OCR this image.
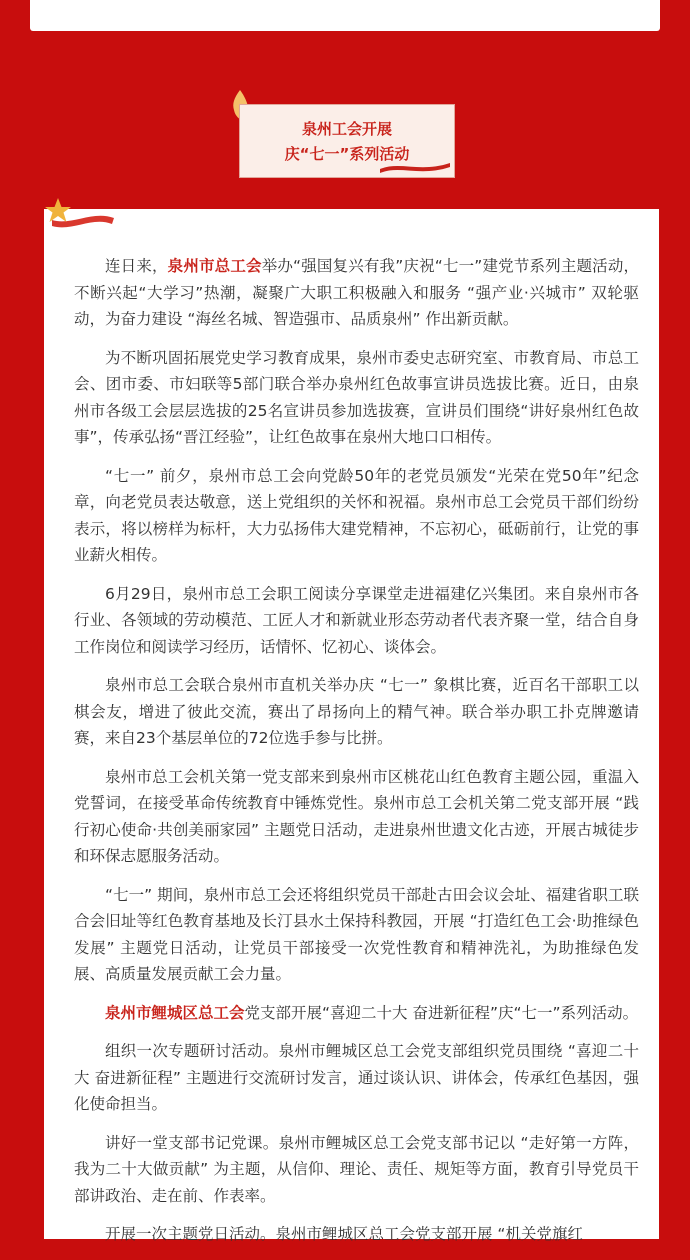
泉州工会开展
庆“七一”系列活动

连日来，泉州市总工会举办“强国复兴有我”庆祝“七一”建党节系列主题活动，不断兴起“大学习”热潮，凝聚广大职工积极融入和服务 “强产业·兴城市” 双轮驱动，为奋力建设 “海丝名城、智造强市、品质泉州” 作出新贡献。

为不断巩固拓展党史学习教育成果，泉州市委史志研究室、市教育局、市总工会、团市委、市妇联等5部门联合举办泉州红色故事宣讲员选拔比赛。近日，由泉州市各级工会层层选拔的25名宣讲员参加选拔赛，宣讲员们围绕“讲好泉州红色故事”，传承弘扬“晋江经验”，让红色故事在泉州大地口口相传。

“七一” 前夕，泉州市总工会向党龄50年的老党员颁发“光荣在党50年”纪念章，向老党员表达敬意，送上党组织的关怀和祝福。泉州市总工会党员干部们纷纷表示，将以榜样为标杆，大力弘扬伟大建党精神，不忘初心，砥砺前行，让党的事业薪火相传。

6月29日，泉州市总工会职工阅读分享课堂走进福建亿兴集团。来自泉州市各行业、各领域的劳动模范、工匠人才和新就业形态劳动者代表齐聚一堂，结合自身工作岗位和阅读学习经历，话情怀、忆初心、谈体会。

泉州市总工会联合泉州市直机关举办庆 “七一” 象棋比赛，近百名干部职工以棋会友，增进了彼此交流，赛出了昂扬向上的精气神。联合举办职工扑克牌邀请赛，来自23个基层单位的72位选手参与比拼。

泉州市总工会机关第一党支部来到泉州市区桃花山红色教育主题公园，重温入党誓词，在接受革命传统教育中锤炼党性。泉州市总工会机关第二党支部开展 “践行初心使命·共创美丽家园” 主题党日活动，走进泉州世遗文化古迹，开展古城徒步和环保志愿服务活动。

“七一” 期间，泉州市总工会还将组织党员干部赴古田会议会址、福建省职工联合会旧址等红色教育基地及长汀县水土保持科教园，开展 “打造红色工会·助推绿色发展” 主题党日活动，让党员干部接受一次党性教育和精神洗礼，为助推绿色发展、高质量发展贡献工会力量。

泉州市鲤城区总工会党支部开展“喜迎二十大 奋进新征程”庆“七一”系列活动。

组织一次专题研讨活动。泉州市鲤城区总工会党支部组织党员围绕 “喜迎二十大 奋进新征程” 主题进行交流研讨发言，通过谈认识、讲体会，传承红色基因，强化使命担当。

讲好一堂支部书记党课。泉州市鲤城区总工会党支部书记以 “走好第一方阵，我为二十大做贡献” 为主题，从信仰、理论、责任、规矩等方面，教育引导党员干部讲政治、走在前、作表率。

开展一次主题党日活动。泉州市鲤城区总工会党支部开展 “机关党旗红
